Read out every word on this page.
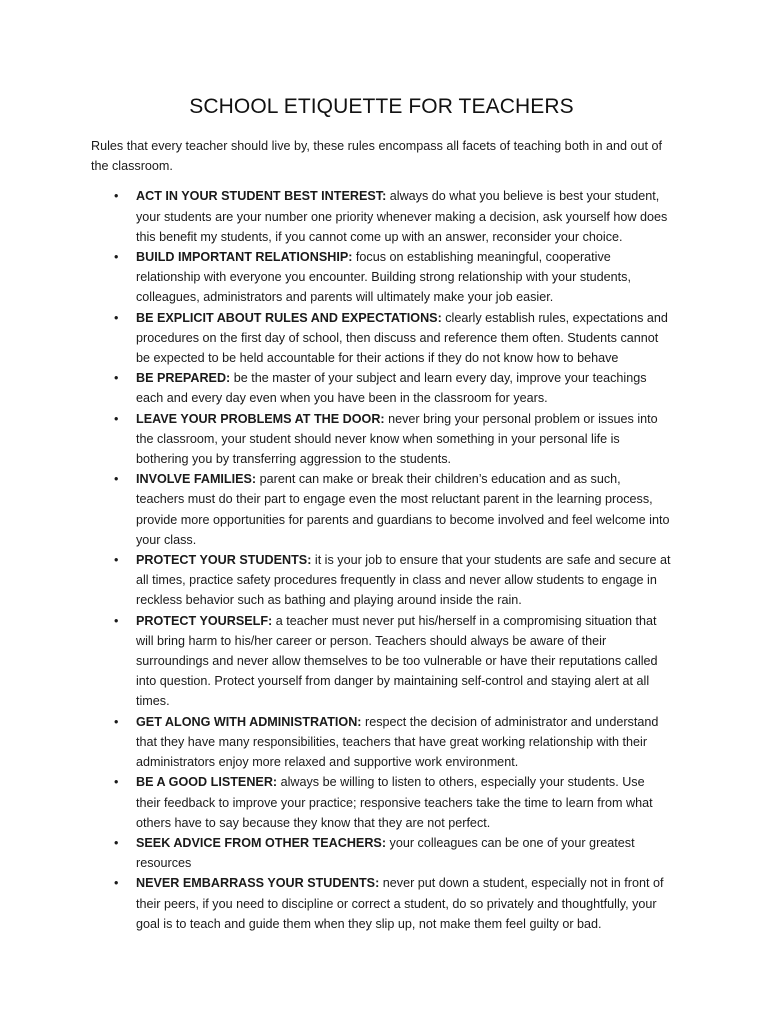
SCHOOL ETIQUETTE FOR TEACHERS

Rules that every teacher should live by, these rules encompass all facets of teaching both in and out of the classroom.

• ACT IN YOUR STUDENT BEST INTEREST: always do what you believe is best your student, your students are your number one priority whenever making a decision, ask yourself how does this benefit my students, if you cannot come up with an answer, reconsider your choice.
• BUILD IMPORTANT RELATIONSHIP: focus on establishing meaningful, cooperative relationship with everyone you encounter. Building strong relationship with your students, colleagues, administrators and parents will ultimately make your job easier.
• BE EXPLICIT ABOUT RULES AND EXPECTATIONS: clearly establish rules, expectations and procedures on the first day of school, then discuss and reference them often. Students cannot be expected to be held accountable for their actions if they do not know how to behave
• BE PREPARED: be the master of your subject and learn every day, improve your teachings each and every day even when you have been in the classroom for years.
• LEAVE YOUR PROBLEMS AT THE DOOR: never bring your personal problem or issues into the classroom, your student should never know when something in your personal life is bothering you by transferring aggression to the students.
• INVOLVE FAMILIES: parent can make or break their children’s education and as such, teachers must do their part to engage even the most reluctant parent in the learning process, provide more opportunities for parents and guardians to become involved and feel welcome into your class.
• PROTECT YOUR STUDENTS: it is your job to ensure that your students are safe and secure at all times, practice safety procedures frequently in class and never allow students to engage in reckless behavior such as bathing and playing around inside the rain.
• PROTECT YOURSELF: a teacher must never put his/herself in a compromising situation that will bring harm to his/her career or person. Teachers should always be aware of their surroundings and never allow themselves to be too vulnerable or have their reputations called into question. Protect yourself from danger by maintaining self-control and staying alert at all times.
• GET ALONG WITH ADMINISTRATION: respect the decision of administrator and understand that they have many responsibilities, teachers that have great working relationship with their administrators enjoy more relaxed and supportive work environment.
• BE A GOOD LISTENER: always be willing to listen to others, especially your students. Use their feedback to improve your practice; responsive teachers take the time to learn from what others have to say because they know that they are not perfect.
• SEEK ADVICE FROM OTHER TEACHERS: your colleagues can be one of your greatest resources
• NEVER EMBARRASS YOUR STUDENTS: never put down a student, especially not in front of their peers, if you need to discipline or correct a student, do so privately and thoughtfully, your goal is to teach and guide them when they slip up, not make them feel guilty or bad.
